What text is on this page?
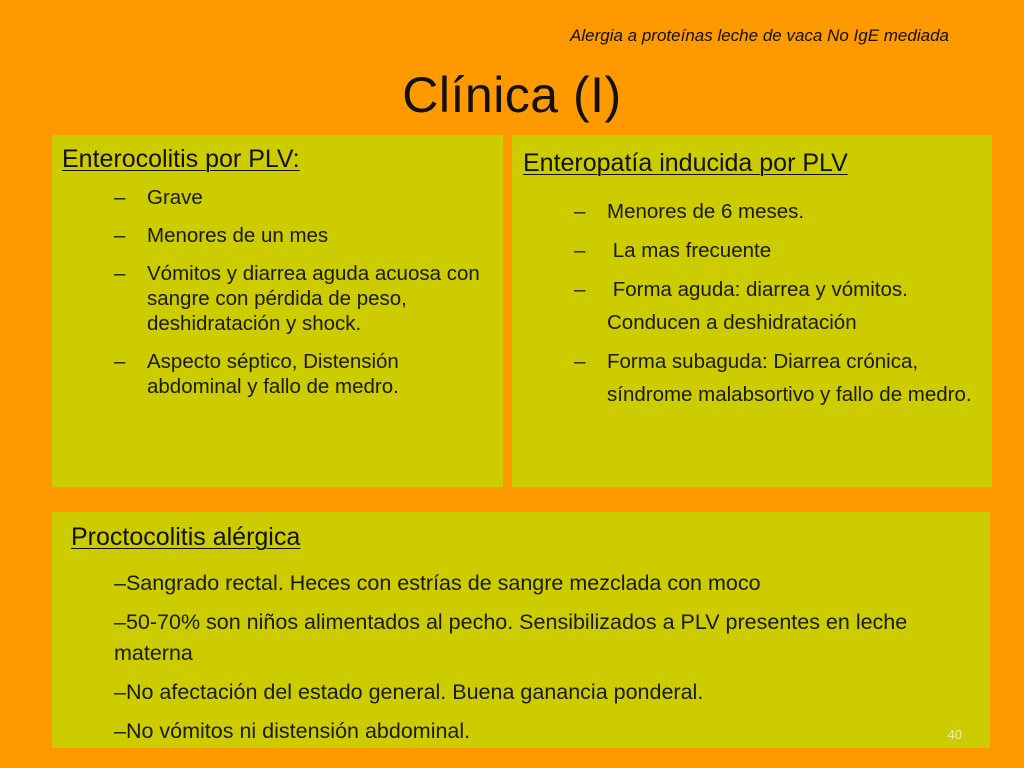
Alergia a proteínas leche de vaca No IgE mediada
Clínica (I)
Enterocolitis por PLV:
– Grave
– Menores de un mes
– Vómitos y diarrea aguda acuosa con sangre con pérdida de peso, deshidratación y shock.
– Aspecto séptico, Distensión abdominal y fallo de medro.
Enteropatía inducida por PLV
– Menores de 6 meses.
– La mas frecuente
– Forma aguda: diarrea y vómitos. Conducen a deshidratación
– Forma subaguda: Diarrea crónica, síndrome malabsortivo y fallo de medro.
Proctocolitis alérgica
–Sangrado rectal. Heces con estrías de sangre mezclada con moco
–50-70% son niños alimentados al pecho. Sensibilizados a PLV presentes en leche materna
–No afectación del estado general. Buena ganancia ponderal.
–No vómitos ni distensión abdominal.	40
